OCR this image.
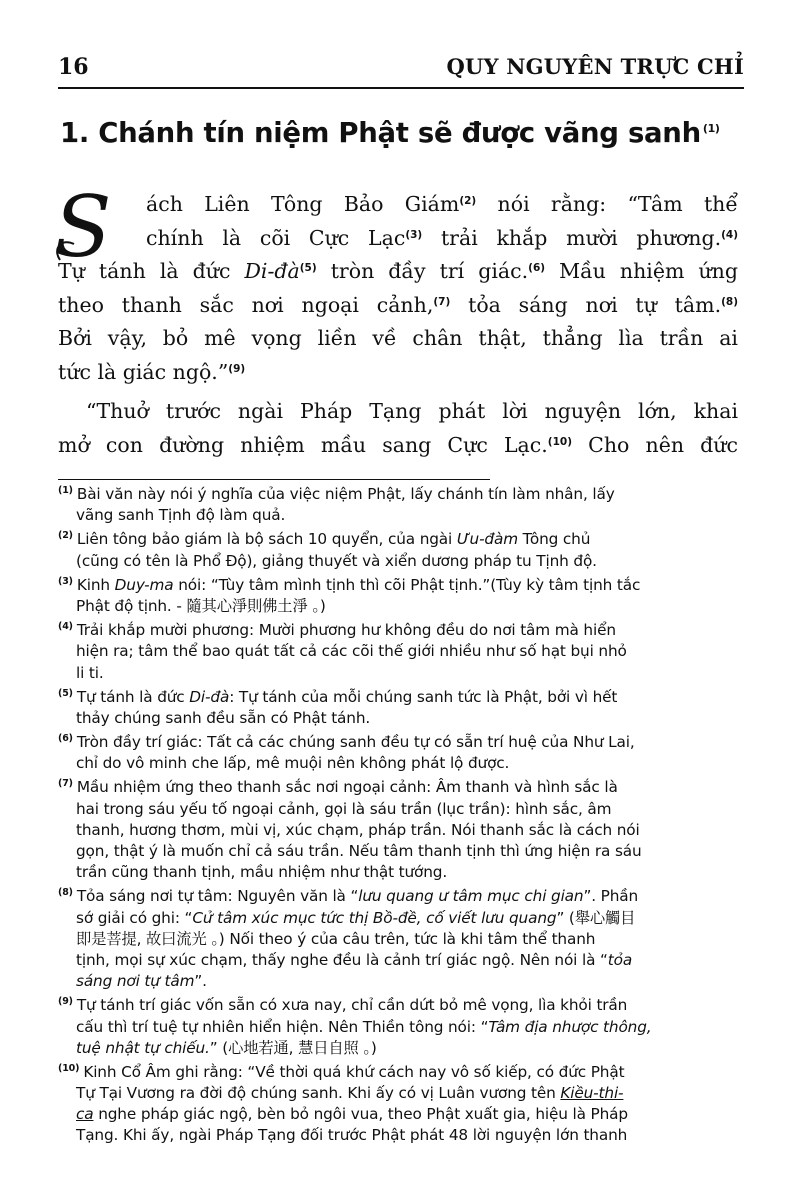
16	QUY NGUYÊN TRỰC CHỈ
1. Chánh tín niệm Phật sẽ được vãng sanh $^{(1)}$
S	ách Liên Tông Bảo Giám$^{(2)}$ nói rằng: “Tâm thể
chính là cõi Cực Lạc$^{(3)}$ trải khắp mười phương.$^{(4)}$
Tự tánh là đức $Di-đà^{(5)}$ tròn đầy trí giác.$^{(6)}$ Mầu nhiệm ứng
theo thanh sắc nơi ngoại cảnh,$^{(7)}$ tỏa sáng nơi tự tâm.$^{(8)}$
Bởi vậy, bỏ mê vọng liền về chân thật, thẳng lìa trần ai
tức là giác ngộ.”$^{(9)}$
“Thuở trước ngài Pháp Tạng phát lời nguyện lớn, khai
mở con đường nhiệm mầu sang Cực Lạc.$^{(10)}$ Cho nên đức
$^{(1)}$ Bài văn này nói ý nghĩa của việc niệm Phật, lấy chánh tín làm nhân, lấy
vãng sanh Tịnh độ làm quả.
$^{(2)}$ Liên tông bảo giám là bộ sách 10 quyển, của ngài Ưu-đàm Tông chủ
(cũng có tên là Phổ Độ), giảng thuyết và xiển dương pháp tu Tịnh độ.
$^{(3)}$ Kinh Duy-ma nói: “Tùy tâm mình tịnh thì cõi Phật tịnh.”(Tùy kỳ tâm tịnh tắc
Phật độ tịnh. - 隨其心淨則佛土淨 。)
$^{(4)}$ Trải khắp mười phương: Mười phương hư không đều do nơi tâm mà hiển
hiện ra; tâm thể bao quát tất cả các cõi thế giới nhiều như số hạt bụi nhỏ
li ti.
$^{(5)}$ Tự tánh là đức Di-đà: Tự tánh của mỗi chúng sanh tức là Phật, bởi vì hết
thảy chúng sanh đều sẵn có Phật tánh.
$^{(6)}$ Tròn đầy trí giác: Tất cả các chúng sanh đều tự có sẵn trí huệ của Như Lai,
chỉ do vô minh che lấp, mê muội nên không phát lộ được.
$^{(7)}$ Mầu nhiệm ứng theo thanh sắc nơi ngoại cảnh: Âm thanh và hình sắc là
hai trong sáu yếu tố ngoại cảnh, gọi là sáu trần (lục trần): hình sắc, âm
thanh, hương thơm, mùi vị, xúc chạm, pháp trần. Nói thanh sắc là cách nói
gọn, thật ý là muốn chỉ cả sáu trần. Nếu tâm thanh tịnh thì ứng hiện ra sáu
trần cũng thanh tịnh, mầu nhiệm như thật tướng.
$^{(8)}$ Tỏa sáng nơi tự tâm: Nguyên văn là “lưu quang ư tâm mục chi gian”. Phần
sớ giải có ghi: “Cử tâm xúc mục tức thị Bồ-đề, cố viết lưu quang” (舉心觸目
即是菩提, 故曰流光 。) Nối theo ý của câu trên, tức là khi tâm thể thanh
tịnh, mọi sự xúc chạm, thấy nghe đều là cảnh trí giác ngộ. Nên nói là “tỏa
sáng nơi tự tâm”.
$^{(9)}$ Tự tánh trí giác vốn sẵn có xưa nay, chỉ cần dứt bỏ mê vọng, lìa khỏi trần
cấu thì trí tuệ tự nhiên hiển hiện. Nên Thiền tông nói: “Tâm địa nhược thông,
tuệ nhật tự chiếu.” (心地若通, 慧日自照 。)
$^{(10)}$ Kinh Cổ Âm ghi rằng: “Về thời quá khứ cách nay vô số kiếp, có đức Phật
Tự Tại Vương ra đời độ chúng sanh. Khi ấy có vị Luân vương tên Kiều-thi-
ca nghe pháp giác ngộ, bèn bỏ ngôi vua, theo Phật xuất gia, hiệu là Pháp
Tạng. Khi ấy, ngài Pháp Tạng đối trước Phật phát 48 lời nguyện lớn thanh
